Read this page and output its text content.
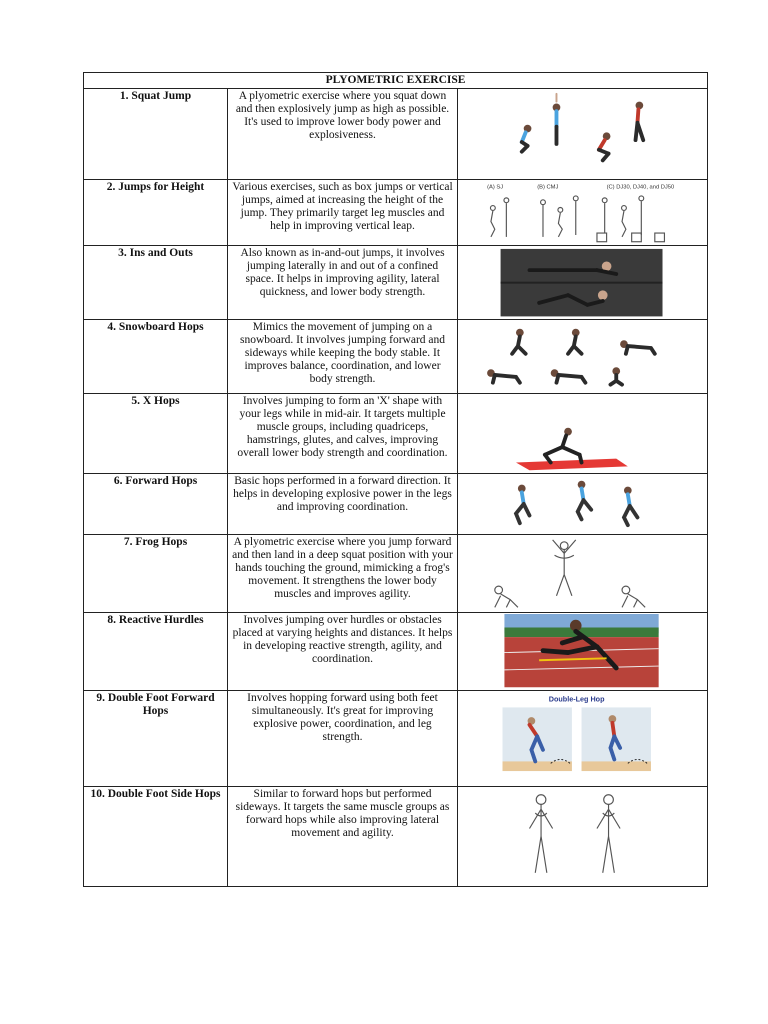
PLYOMETRIC EXERCISE		
1. Squat Jump	A plyometric exercise where you squat down and then explosively jump as high as possible. It's used to improve lower body power and explosiveness.	

2. Jumps for Height	Various exercises, such as box jumps or vertical jumps, aimed at increasing the height of the jump. They primarily target leg muscles and help in improving vertical leap.	(A) SJ (B) CMJ (C) DJ30, DJ40, and DJ50

3. Ins and Outs	Also known as in-and-out jumps, it involves jumping laterally in and out of a confined space. It helps in improving agility, lateral quickness, and lower body strength.	

4. Snowboard Hops	Mimics the movement of jumping on a snowboard. It involves jumping forward and sideways while keeping the body stable. It improves balance, coordination, and lower body strength.	

5. X Hops	Involves jumping to form an 'X' shape with your legs while in mid-air. It targets multiple muscle groups, including quadriceps, hamstrings, glutes, and calves, improving overall lower body strength and coordination.	

6. Forward Hops	Basic hops performed in a forward direction. It helps in developing explosive power in the legs and improving coordination.	

7. Frog Hops	A plyometric exercise where you jump forward and then land in a deep squat position with your hands touching the ground, mimicking a frog's movement. It strengthens the lower body muscles and improves agility.	

8. Reactive Hurdles	Involves jumping over hurdles or obstacles placed at varying heights and distances. It helps in developing reactive strength, agility, and coordination.	

9. Double Foot Forward Hops	Involves hopping forward using both feet simultaneously. It's great for improving explosive power, coordination, and leg strength.	Double-Leg Hop

10. Double Foot Side Hops	Similar to forward hops but performed sideways. It targets the same muscle groups as forward hops while also improving lateral movement and agility.	
